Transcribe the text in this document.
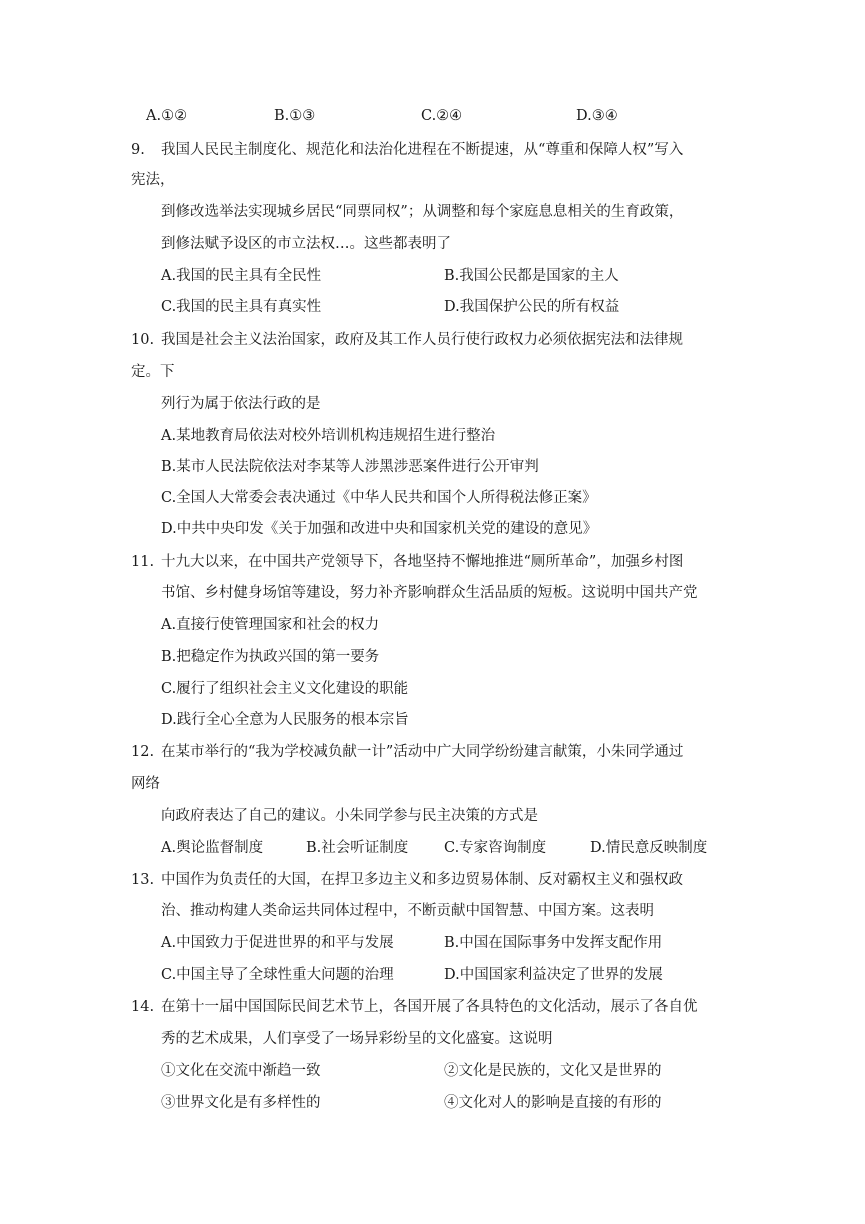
A.①②	B.①③	C.②④	D.③④
9. 我国人民民主制度化、规范化和法治化进程在不断提速，从“尊重和保障人权”写入
宪法，
到修改选举法实现城乡居民“同票同权”；从调整和每个家庭息息相关的生育政策，
到修法赋予设区的市立法权…。这些都表明了
A.我国的民主具有全民性	B.我国公民都是国家的主人
C.我国的民主具有真实性	D.我国保护公民的所有权益
10. 我国是社会主义法治国家，政府及其工作人员行使行政权力必须依据宪法和法律规
定。下
列行为属于依法行政的是
A.某地教育局依法对校外培训机构违规招生进行整治
B.某市人民法院依法对李某等人涉黑涉恶案件进行公开审判
C.全国人大常委会表决通过《中华人民共和国个人所得税法修正案》
D.中共中央印发《关于加强和改进中央和国家机关党的建设的意见》
11. 十九大以来，在中国共产党领导下，各地坚持不懈地推进“厕所革命”，加强乡村图
书馆、乡村健身场馆等建设，努力补齐影响群众生活品质的短板。这说明中国共产党
A.直接行使管理国家和社会的权力
B.把稳定作为执政兴国的第一要务
C.履行了组织社会主义文化建设的职能
D.践行全心全意为人民服务的根本宗旨
12. 在某市举行的“我为学校减负献一计”活动中广大同学纷纷建言献策，小朱同学通过
网络
向政府表达了自己的建议。小朱同学参与民主决策的方式是
A.舆论监督制度	B.社会听证制度 C.专家咨询制度	D.情民意反映制度
13. 中国作为负责任的大国，在捍卫多边主义和多边贸易体制、反对霸权主义和强权政
治、推动构建人类命运共同体过程中，不断贡献中国智慧、中国方案。这表明
A.中国致力于促进世界的和平与发展	B.中国在国际事务中发挥支配作用
C.中国主导了全球性重大问题的治理	D.中国国家利益决定了世界的发展
14. 在第十一届中国国际民间艺术节上，各国开展了各具特色的文化活动，展示了各自优
秀的艺术成果，人们享受了一场异彩纷呈的文化盛宴。这说明
①文化在交流中渐趋一致	②文化是民族的，文化又是世界的
③世界文化是有多样性的	④文化对人的影响是直接的有形的
